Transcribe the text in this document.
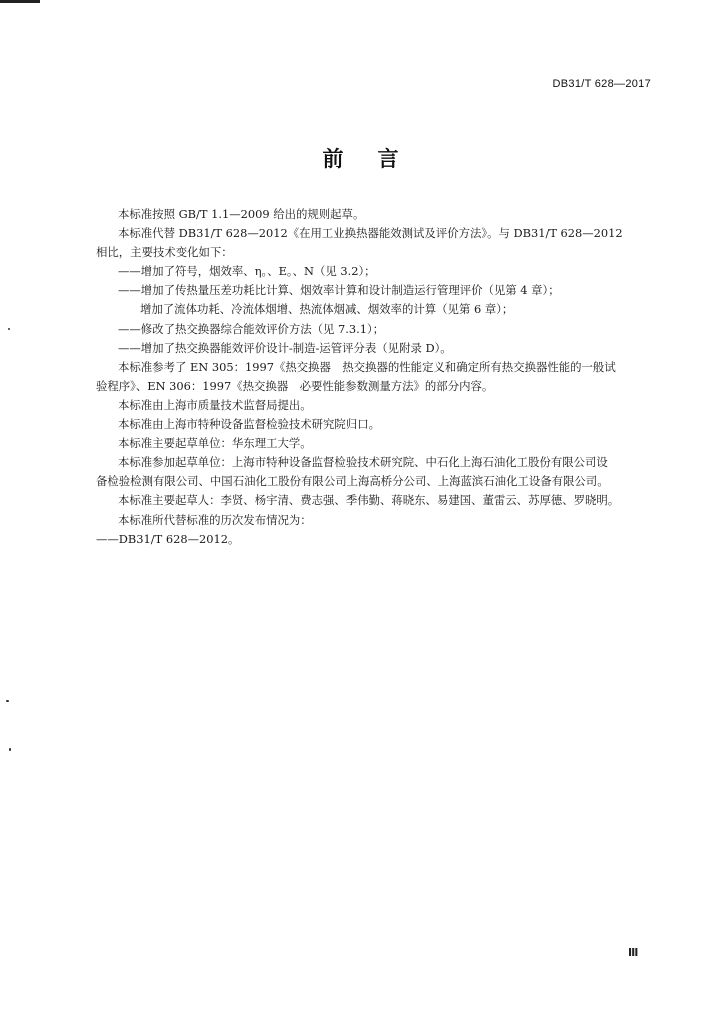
DB31/T 628—2017
前言

本标准按照 GB/T 1.1—2009 给出的规则起草。

本标准代替 DB31/T 628—2012《在用工业换热器能效测试及评价方法》。与 DB31/T 628—2012

相比，主要技术变化如下：

——增加了符号，烟效率、η。、E。、N（见 3.2）；

——增加了传热量压差功耗比计算、烟效率计算和设计制造运行管理评价（见第 4 章）；

增加了流体功耗、冷流体烟增、热流体烟减、烟效率的计算（见第 6 章）；

——修改了热交换器综合能效评价方法（见 7.3.1）；

——增加了热交换器能效评价设计-制造-运管评分表（见附录 D）。

本标准参考了 EN 305：1997《热交换器　热交换器的性能定义和确定所有热交换器性能的一般试

验程序》、EN 306：1997《热交换器　必要性能参数测量方法》的部分内容。

本标准由上海市质量技术监督局提出。

本标准由上海市特种设备监督检验技术研究院归口。

本标准主要起草单位：华东理工大学。

本标准参加起草单位：上海市特种设备监督检验技术研究院、中石化上海石油化工股份有限公司设

备检验检测有限公司、中国石油化工股份有限公司上海高桥分公司、上海蓝滨石油化工设备有限公司。

本标准主要起草人：李贤、杨宇清、费志强、季伟勤、蒋晓东、易建国、董雷云、苏厚德、罗晓明。

本标准所代替标准的历次发布情况为：

——DB31/T 628—2012。

Ⅲ
